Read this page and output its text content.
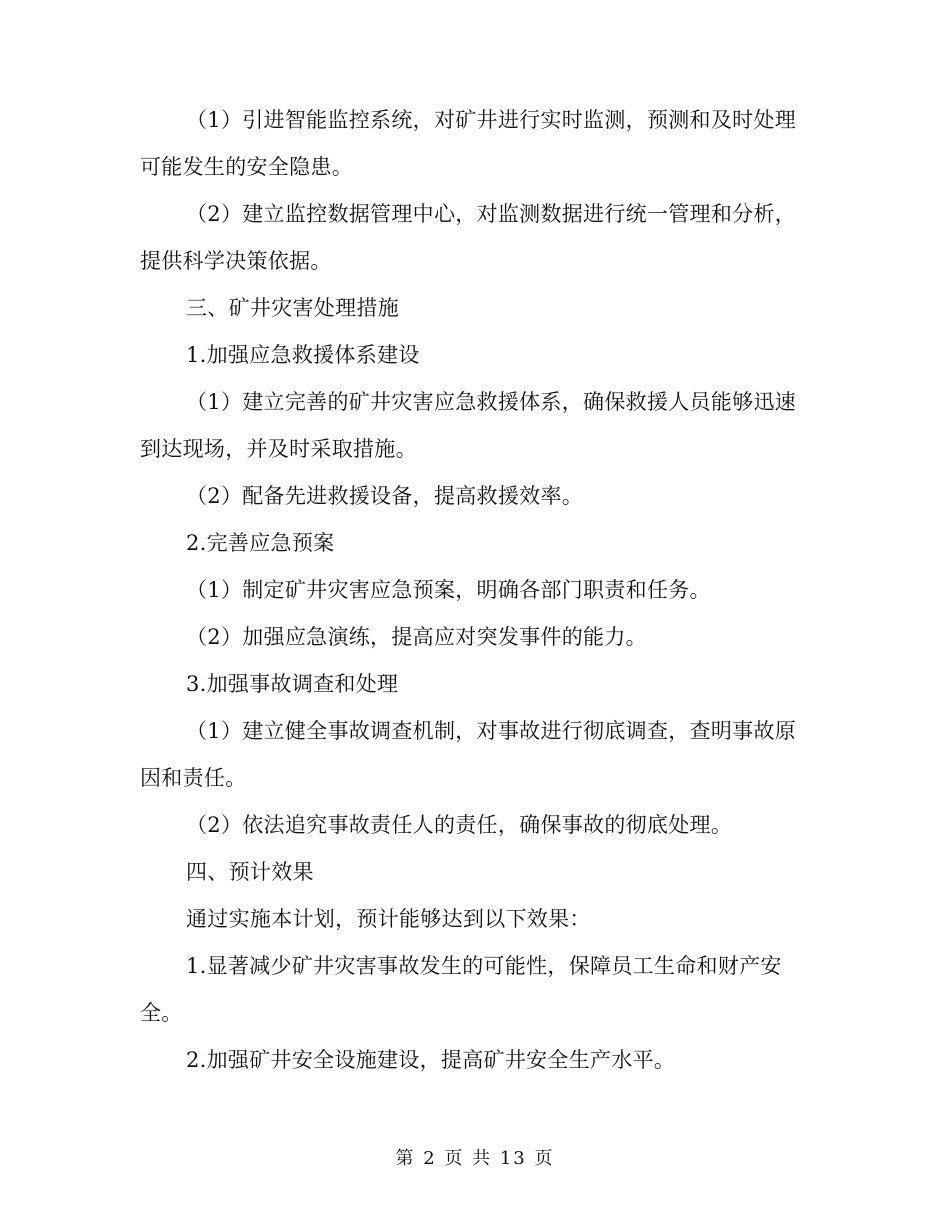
（1）引进智能监控系统，对矿井进行实时监测，预测和及时处理可能发生的安全隐患。

（2）建立监控数据管理中心，对监测数据进行统一管理和分析，提供科学决策依据。

三、矿井灾害处理措施

1.加强应急救援体系建设

（1）建立完善的矿井灾害应急救援体系，确保救援人员能够迅速到达现场，并及时采取措施。

（2）配备先进救援设备，提高救援效率。

2.完善应急预案

（1）制定矿井灾害应急预案，明确各部门职责和任务。

（2）加强应急演练，提高应对突发事件的能力。

3.加强事故调查和处理

（1）建立健全事故调查机制，对事故进行彻底调查，查明事故原因和责任。

（2）依法追究事故责任人的责任，确保事故的彻底处理。

四、预计效果

通过实施本计划，预计能够达到以下效果：

1.显著减少矿井灾害事故发生的可能性，保障员工生命和财产安全。

2.加强矿井安全设施建设，提高矿井安全生产水平。

第 2 页 共 13 页
